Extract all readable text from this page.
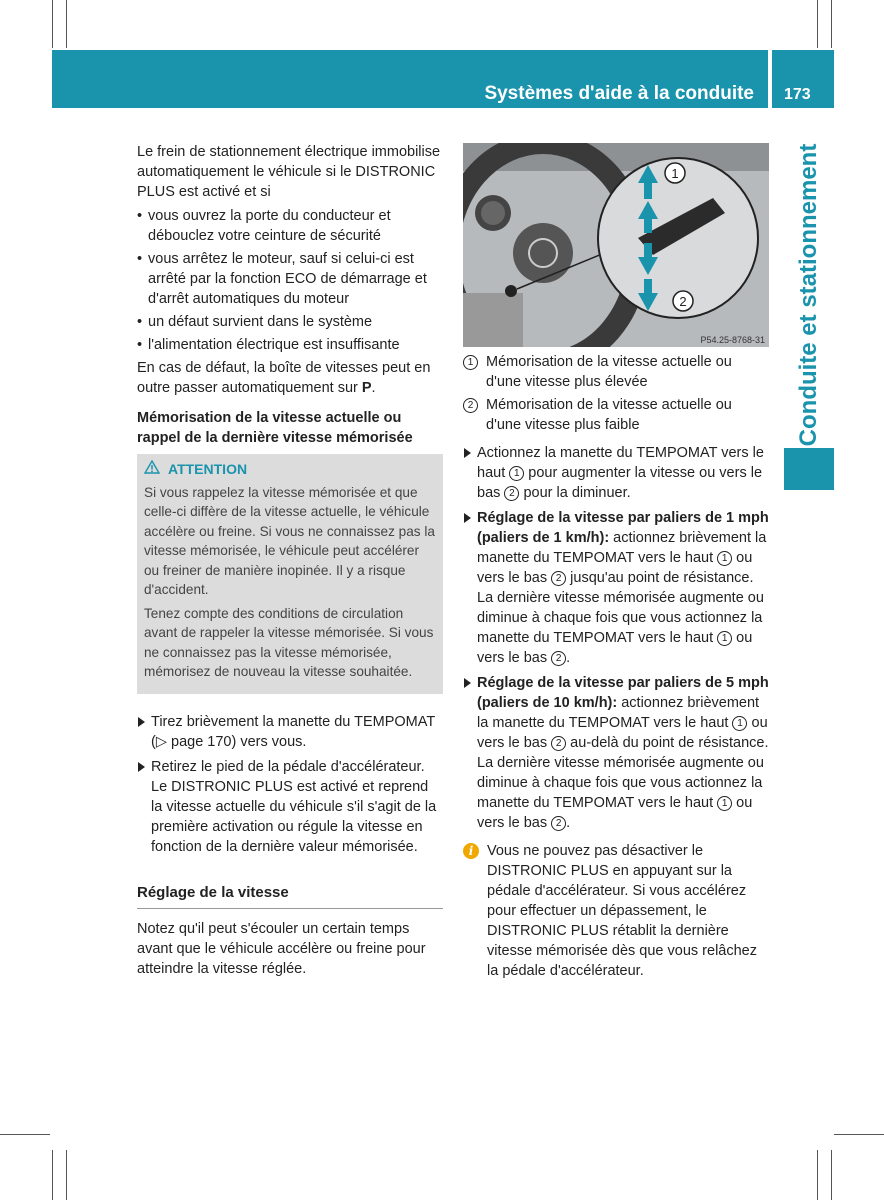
Systèmes d'aide à la conduite 173
Conduite et stationnement

Le frein de stationnement électrique immobilise automatiquement le véhicule si le DISTRONIC PLUS est activé et si

• vous ouvrez la porte du conducteur et débouclez votre ceinture de sécurité
• vous arrêtez le moteur, sauf si celui-ci est arrêté par la fonction ECO de démarrage et d'arrêt automatiques du moteur
• un défaut survient dans le système
• l'alimentation électrique est insuffisante

En cas de défaut, la boîte de vitesses peut en outre passer automatiquement sur P.

Mémorisation de la vitesse actuelle ou rappel de la dernière vitesse mémorisée
ATTENTION

Si vous rappelez la vitesse mémorisée et que celle-ci diffère de la vitesse actuelle, le véhicule accélère ou freine. Si vous ne connaissez pas la vitesse mémorisée, le véhicule peut accélérer ou freiner de manière inopinée. Il y a risque d'accident.

Tenez compte des conditions de circulation avant de rappeler la vitesse mémorisée. Si vous ne connaissez pas la vitesse mémorisée, mémorisez de nouveau la vitesse souhaitée.

Tirez brièvement la manette du TEMPOMAT (▷ page 170) vers vous.
Retirez le pied de la pédale d'accélérateur. Le DISTRONIC PLUS est activé et reprend la vitesse actuelle du véhicule s'il s'agit de la première activation ou régule la vitesse en fonction de la dernière valeur mémorisée.
Réglage de la vitesse

Notez qu'il peut s'écouler un certain temps avant que le véhicule accélère ou freine pour atteindre la vitesse réglée.

1
2
P54.25-8768-31
1 Mémorisation de la vitesse actuelle ou d'une vitesse plus élevée
2 Mémorisation de la vitesse actuelle ou d'une vitesse plus faible
Actionnez la manette du TEMPOMAT vers le haut 1 pour augmenter la vitesse ou vers le bas 2 pour la diminuer.
Réglage de la vitesse par paliers de 1 mph (paliers de 1 km/h): actionnez brièvement la manette du TEMPOMAT vers le haut 1 ou vers le bas 2 jusqu'au point de résistance.
La dernière vitesse mémorisée augmente ou diminue à chaque fois que vous actionnez la manette du TEMPOMAT vers le haut 1 ou vers le bas 2 .
Réglage de la vitesse par paliers de 5 mph (paliers de 10 km/h): actionnez brièvement la manette du TEMPOMAT vers le haut 1 ou vers le bas 2 au-delà du point de résistance.
La dernière vitesse mémorisée augmente ou diminue à chaque fois que vous actionnez la manette du TEMPOMAT vers le haut 1 ou vers le bas 2 .
i Vous ne pouvez pas désactiver le DISTRONIC PLUS en appuyant sur la pédale d'accélérateur. Si vous accélérez pour effectuer un dépassement, le DISTRONIC PLUS rétablit la dernière vitesse mémorisée dès que vous relâchez la pédale d'accélérateur.
